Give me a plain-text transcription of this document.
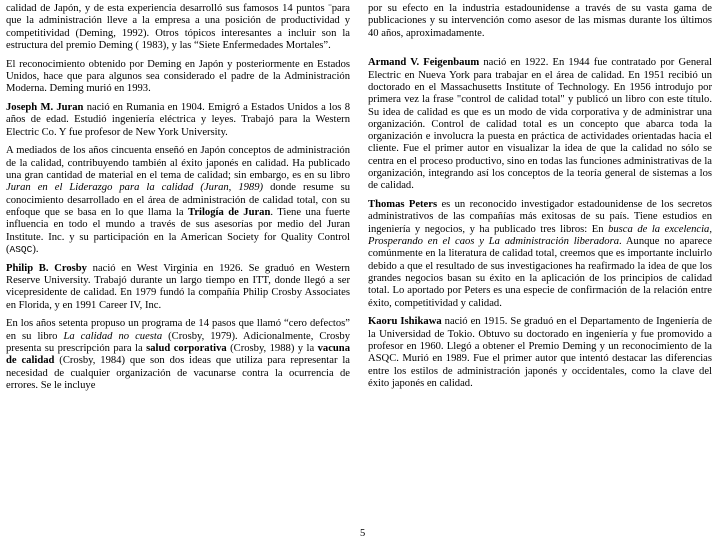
calidad de Japón, y de esta experiencia desarrolló sus famosos 14 puntos ¨para que la administración lleve a la empresa a una posición de productividad y competitividad (Deming, 1992). Otros tópicos interesantes a incluir son la estructura del premio Deming ( 1983), y las “Siete Enfermedades Mortales”.

El reconocimiento obtenido por Deming en Japón y posteriormente en Estados Unidos, hace que para algunos sea considerado el padre de la Administración Moderna. Deming murió en 1993.

Joseph M. Juran nació en Rumania en 1904. Emigró a Estados Unidos a los 8 años de edad. Estudió ingeniería eléctrica y leyes. Trabajó para la Western Electric Co. Y fue profesor de New York University.

A mediados de los años cincuenta enseñó en Japón conceptos de administración de la calidad, contribuyendo también al éxito japonés en calidad. Ha publicado una gran cantidad de material en el tema de calidad; sin embargo, es en su libro Juran en el Liderazgo para la calidad (Juran, 1989) donde resume su conocimiento desarrollado en el área de administración de calidad total, con su enfoque que se basa en lo que llama la Trilogía de Juran. Tiene una fuerte influencia en todo el mundo a través de sus asesorías por medio del Juran Institute. Inc. y su participación en la American Society for Quality Control (ASQC).

Philip B. Crosby nació en West Virginia en 1926. Se graduó en Western Reserve University. Trabajó durante un largo tiempo en ITT, donde llegó a ser vicepresidente de calidad. En 1979 fundó la compañía Philip Crosby Associates en Florida, y en 1991 Career IV, Inc.

En los años setenta propuso un programa de 14 pasos que llamó “cero defectos” en su libro La calidad no cuesta (Crosby, 1979). Adicionalmente, Crosby presenta su prescripción para la salud corporativa (Crosby, 1988) y la vacuna de calidad (Crosby, 1984) que son dos ideas que utiliza para representar la necesidad de cualquier organización de vacunarse contra la ocurrencia de errores. Se le incluye

por su efecto en la industria estadounidense a través de su vasta gama de publicaciones y su intervención como asesor de las mismas durante los últimos 40 años, aproximadamente.

Armand V. Feigenbaum nació en 1922. En 1944 fue contratado por General Electric en Nueva York para trabajar en el área de calidad. En 1951 recibió un doctorado en el Massachusetts Institute of Technology. En 1956 introdujo por primera vez la frase "control de calidad total" y publicó un libro con este título. Su idea de calidad es que es un modo de vida corporativa y de administrar una organización. Control de calidad total es un concepto que abarca toda la organización e involucra la puesta en práctica de actividades orientadas hacia el cliente. Fue el primer autor en visualizar la idea de que la calidad no sólo se centra en el proceso productivo, sino en todas las funciones administrativas de la organización, integrando así los conceptos de la teoría general de sistemas a los de calidad.

Thomas Peters es un reconocido investigador estadounidense de los secretos administrativos de las compañías más exitosas de su país. Tiene estudios en ingeniería y negocios, y ha publicado tres libros: En busca de la excelencia, Prosperando en el caos y La administración liberadora. Aunque no aparece comúnmente en la literatura de calidad total, creemos que es importante incluirlo debido a que el resultado de sus investigaciones ha reafirmado la idea de que los grandes negocios basan su éxito en la aplicación de los principios de calidad total. Lo aportado por Peters es una especie de confirmación de la relación entre éxito, competitividad y calidad.

Kaoru Ishikawa nació en 1915. Se graduó en el Departamento de Ingeniería de la Universidad de Tokio. Obtuvo su doctorado en ingeniería y fue promovido a profesor en 1960. Llegó a obtener el Premio Deming y un reconocimiento de la ASQC. Murió en 1989. Fue el primer autor que intentó destacar las diferencias entre los estilos de administración japonés y occidentales, como la clave del éxito japonés en calidad.

5
